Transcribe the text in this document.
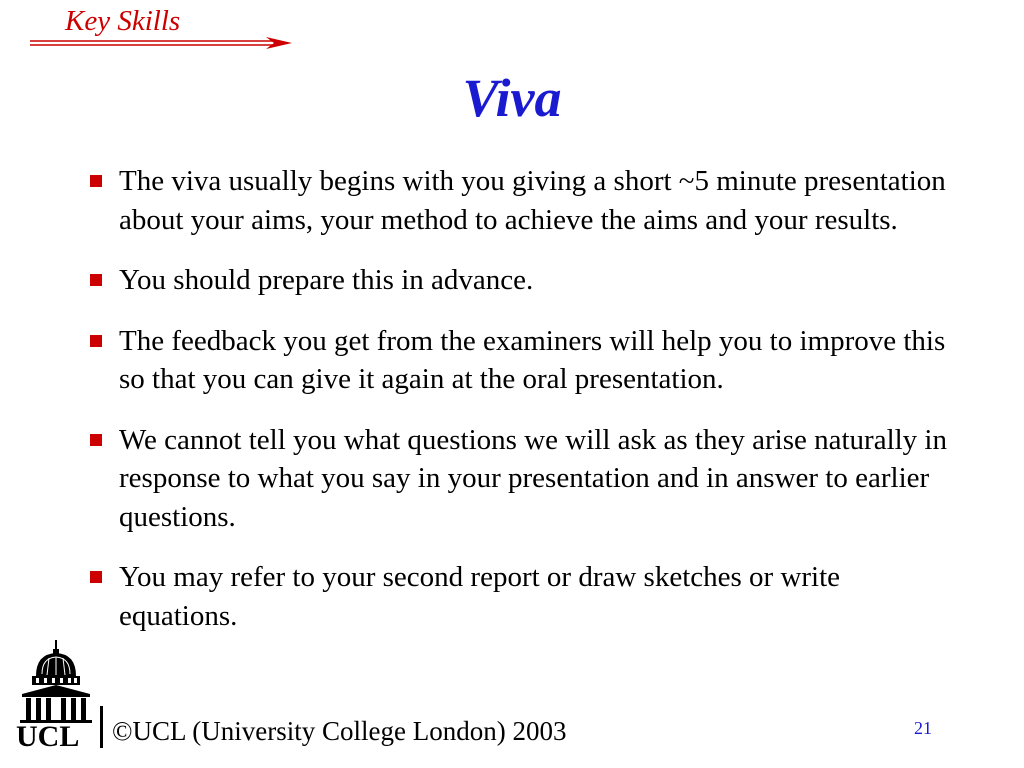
Key Skills
Viva
The viva usually begins with you giving a short ~5 minute presentation about your aims, your method to achieve the aims and your results.
You should prepare this in advance.
The feedback you get from the examiners will help you to improve this so that you can give it again at the oral presentation.
We cannot tell you what questions we will ask as they arise naturally in response to what you say in your presentation and in answer to earlier questions.
You may refer to your second report or draw sketches or write equations.
UCL ©UCL (University College London) 2003	21
